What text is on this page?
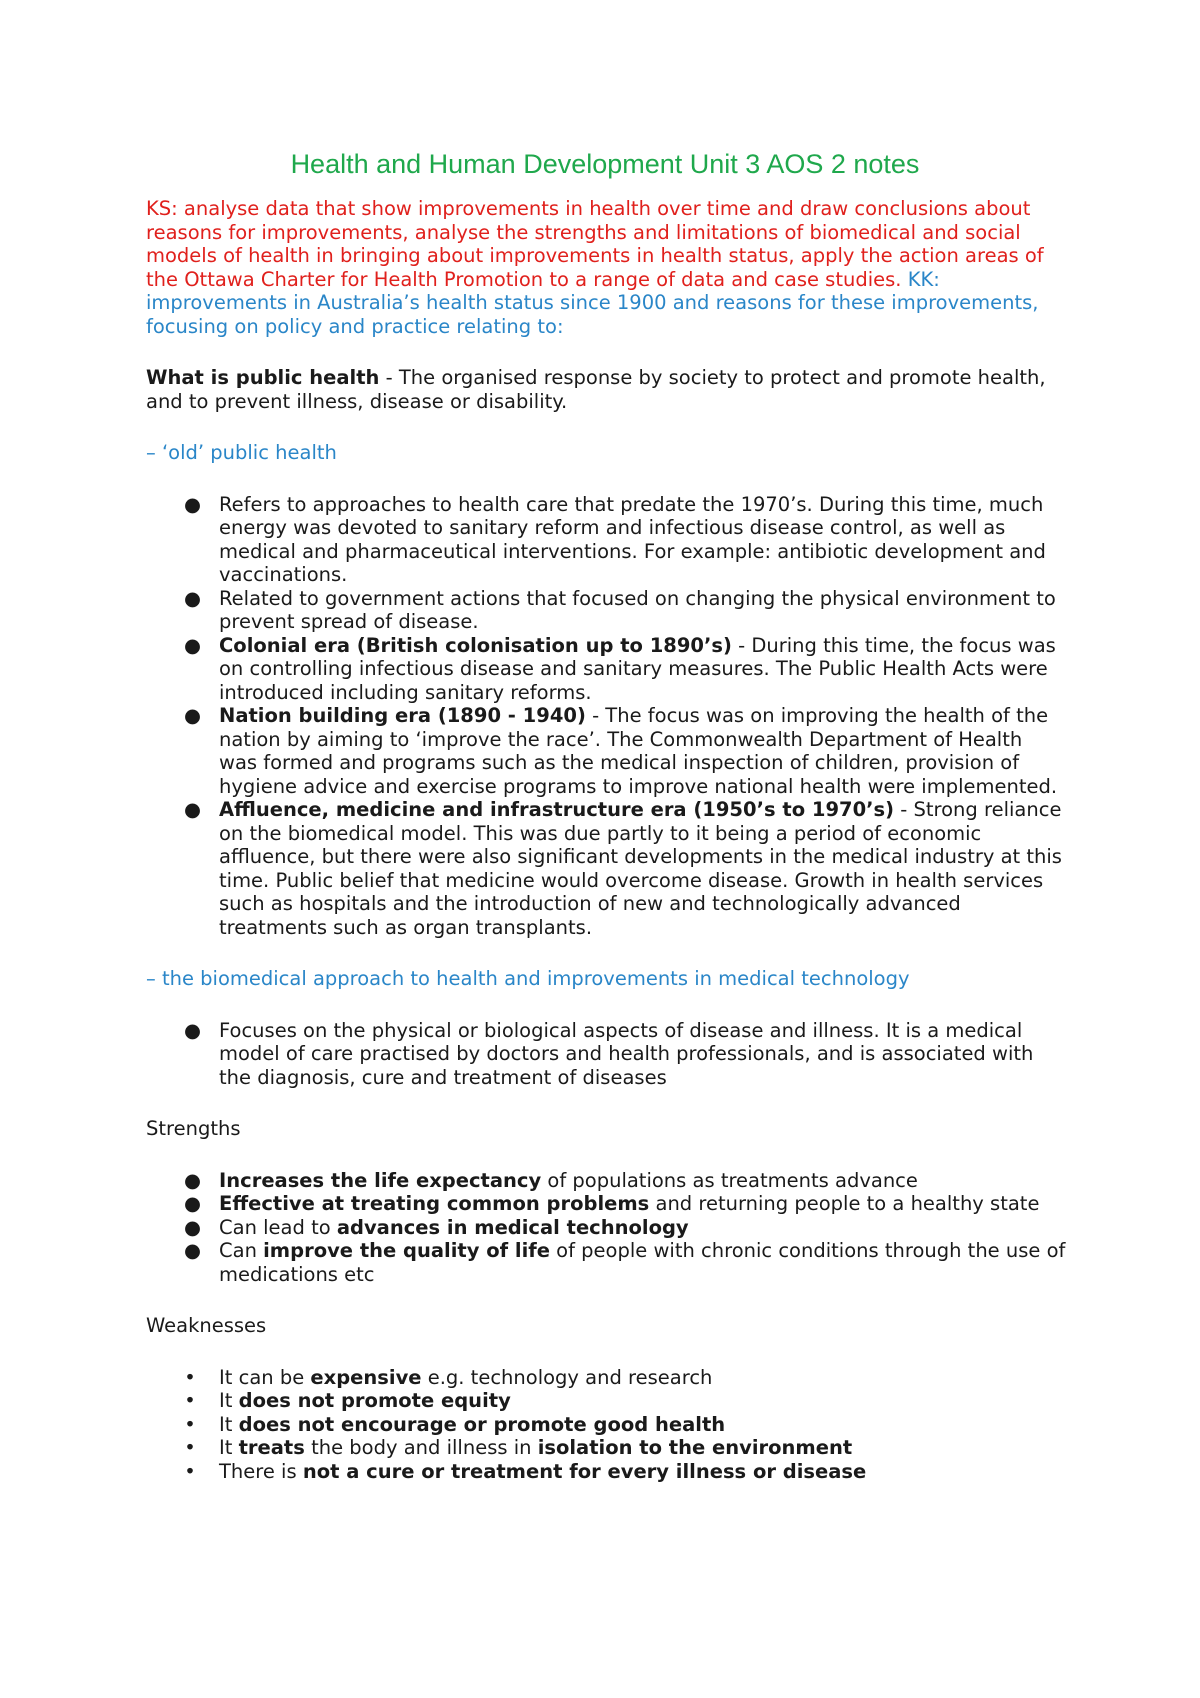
Health and Human Development Unit 3 AOS 2 notes

KS: analyse data that show improvements in health over time and draw conclusions about reasons for improvements, analyse the strengths and limitations of biomedical and social models of health in bringing about improvements in health status, apply the action areas of the Ottawa Charter for Health Promotion to a range of data and case studies. KK: improvements in Australia’s health status since 1900 and reasons for these improvements, focusing on policy and practice relating to:

What is public health - The organised response by society to protect and promote health, and to prevent illness, disease or disability.

– ‘old’ public health

● Refers to approaches to health care that predate the 1970’s. During this time, much energy was devoted to sanitary reform and infectious disease control, as well as medical and pharmaceutical interventions. For example: antibiotic development and vaccinations.
● Related to government actions that focused on changing the physical environment to prevent spread of disease.
● Colonial era (British colonisation up to 1890’s) - During this time, the focus was on controlling infectious disease and sanitary measures. The Public Health Acts were introduced including sanitary reforms.
● Nation building era (1890 - 1940) - The focus was on improving the health of the nation by aiming to ‘improve the race’. The Commonwealth Department of Health was formed and programs such as the medical inspection of children, provision of hygiene advice and exercise programs to improve national health were implemented.
● Affluence, medicine and infrastructure era (1950’s to 1970’s) - Strong reliance on the biomedical model. This was due partly to it being a period of economic affluence, but there were also significant developments in the medical industry at this time. Public belief that medicine would overcome disease. Growth in health services such as hospitals and the introduction of new and technologically advanced treatments such as organ transplants.

– the biomedical approach to health and improvements in medical technology

● Focuses on the physical or biological aspects of disease and illness. It is a medical model of care practised by doctors and health professionals, and is associated with the diagnosis, cure and treatment of diseases

Strengths

● Increases the life expectancy of populations as treatments advance
● Effective at treating common problems and returning people to a healthy state
● Can lead to advances in medical technology
● Can improve the quality of life of people with chronic conditions through the use of medications etc

Weaknesses

• It can be expensive e.g. technology and research
• It does not promote equity
• It does not encourage or promote good health
• It treats the body and illness in isolation to the environment
• There is not a cure or treatment for every illness or disease
